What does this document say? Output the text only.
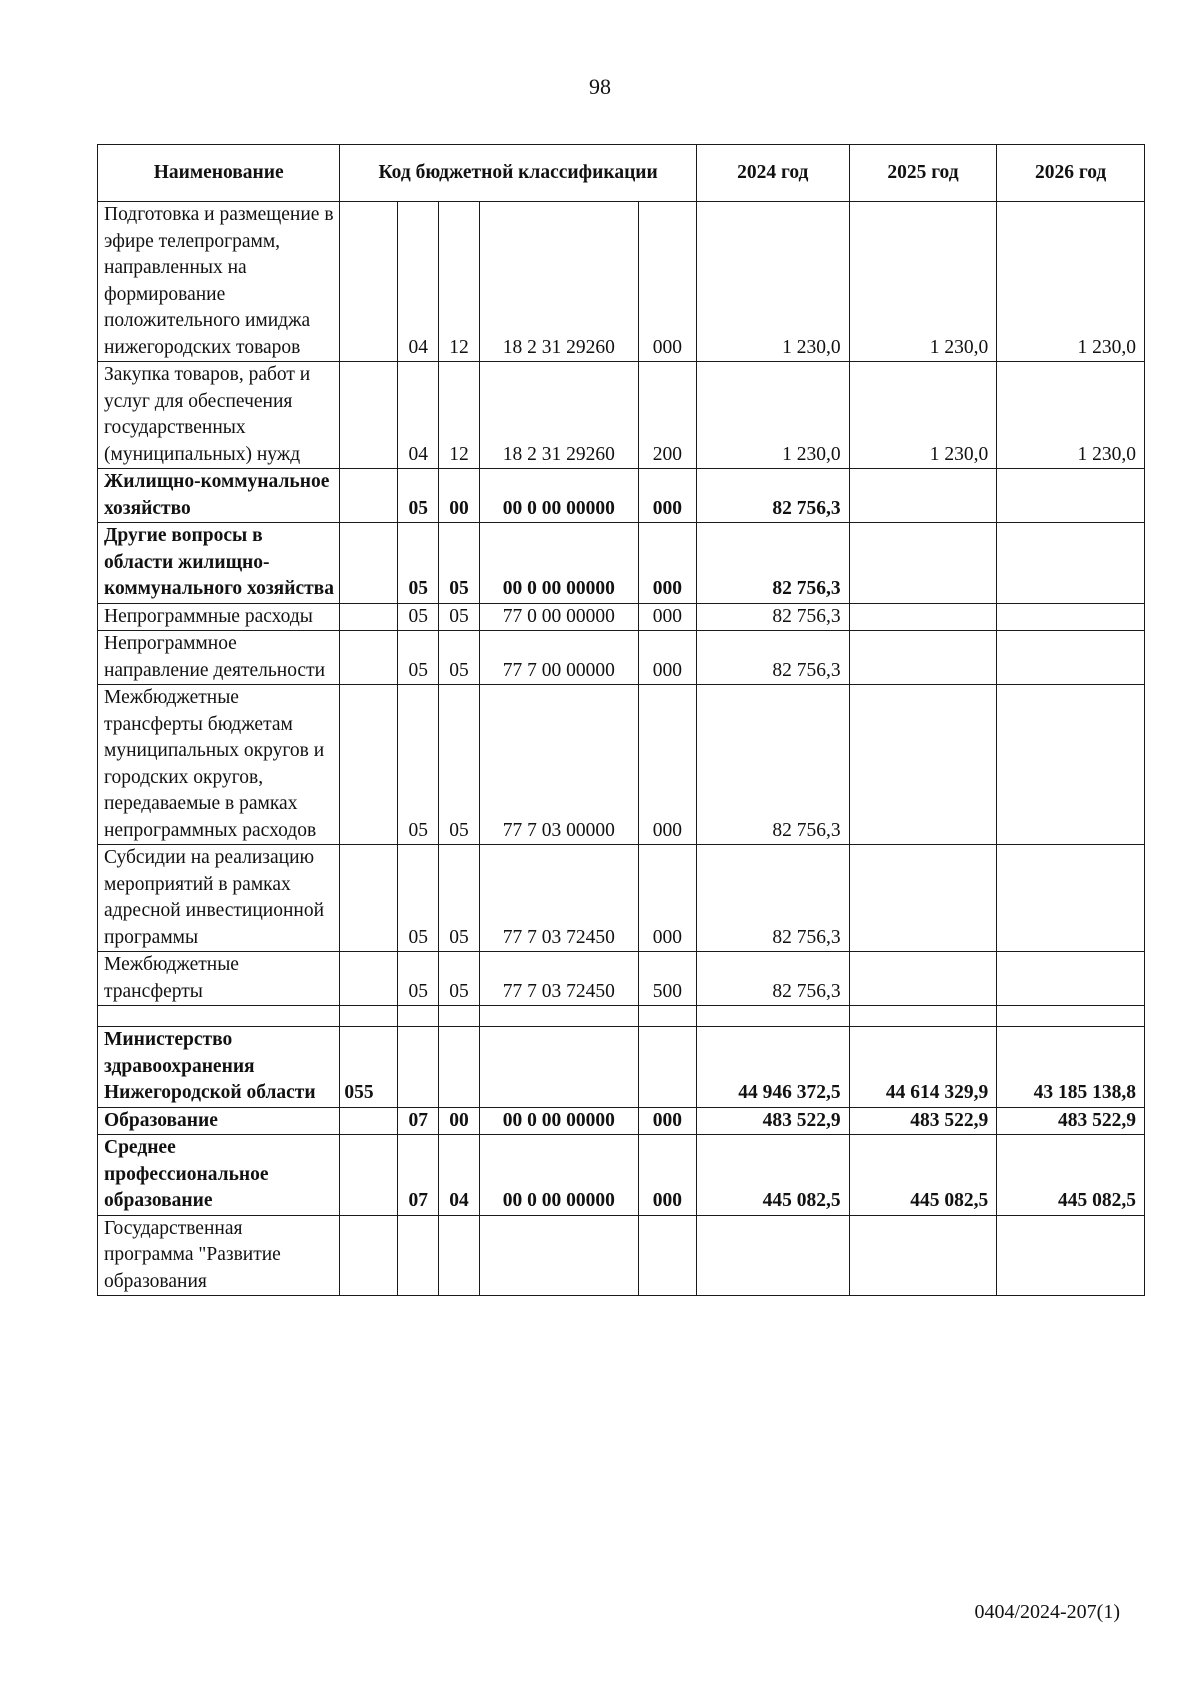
98
Наименование	Код бюджетной классификации					2024 год	2025 год	2026 год
Подготовка и размещение в эфире телепрограмм, направленных на формирование положительного имиджа нижегородских товаров		04	12	18 2 31 29260	000	1 230,0	1 230,0	1 230,0
Закупка товаров, работ и услуг для обеспечения государственных (муниципальных) нужд		04	12	18 2 31 29260	200	1 230,0	1 230,0	1 230,0
Жилищно-коммунальное хозяйство		05	00	00 0 00 00000	000	82 756,3		
Другие вопросы в области жилищно-коммунального хозяйства		05	05	00 0 00 00000	000	82 756,3		
Непрограммные расходы		05	05	77 0 00 00000	000	82 756,3		
Непрограммное направление деятельности		05	05	77 7 00 00000	000	82 756,3		
Межбюджетные трансферты бюджетам муниципальных округов и городских округов, передаваемые в рамках непрограммных расходов		05	05	77 7 03 00000	000	82 756,3		
Субсидии на реализацию мероприятий в рамках адресной инвестиционной программы		05	05	77 7 03 72450	000	82 756,3		
Межбюджетные трансферты		05	05	77 7 03 72450	500	82 756,3		

Министерство здравоохранения Нижегородской области	055					44 946 372,5	44 614 329,9	43 185 138,8
Образование		07	00	00 0 00 00000	000	483 522,9	483 522,9	483 522,9
Среднее профессиональное образование		07	04	00 0 00 00000	000	445 082,5	445 082,5	445 082,5
Государственная программа "Развитие образования								
0404/2024-207(1)
